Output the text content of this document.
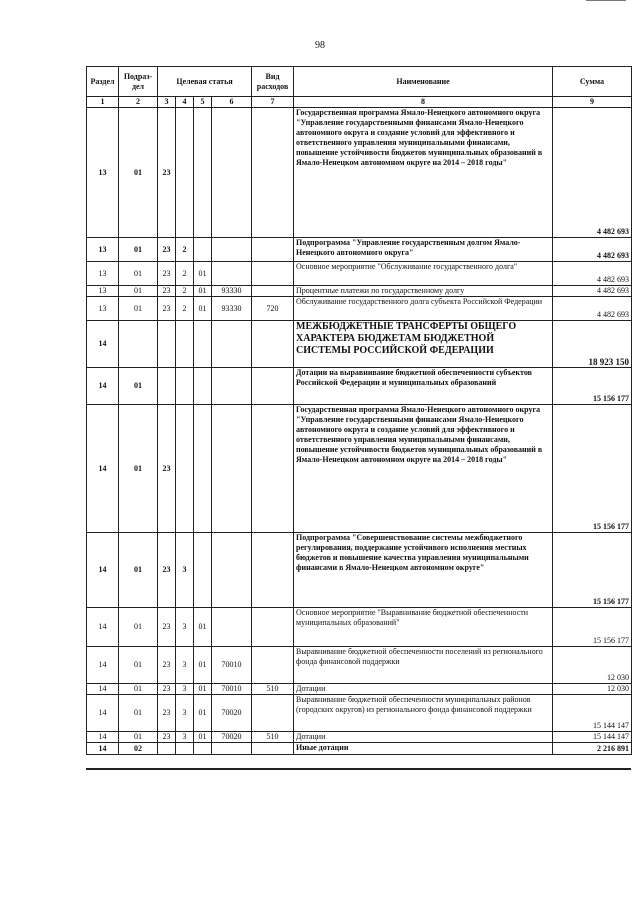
98
Раздел	Подраз-дел	Целевая статья				Вид расходов	Наименование	Сумма
1	2	3	4	5	6	7	8	9
13	01	23					Государственная программа Ямало-Ненецкого автономного округа "Управление государственными финансами Ямало-Ненецкого автономного округа и создание условий для эффективного и ответственного управления муниципальными финансами, повышение устойчивости бюджетов муниципальных образований в Ямало-Ненецком автономном округе на 2014 – 2018 годы"	4 482 693
13	01	23	2				Подпрограмма "Управление государственным долгом Ямало-Ненецкого автономного округа"	4 482 693
13	01	23	2	01			Основное мероприятие "Обслуживание государственного долга"	4 482 693
13	01	23	2	01	93330		Процентные платежи по государственному долгу	4 482 693
13	01	23	2	01	93330	720	Обслуживание государственного долга субъекта Российской Федерации	4 482 693
14							МЕЖБЮДЖЕТНЫЕ ТРАНСФЕРТЫ ОБЩЕГО ХАРАКТЕРА БЮДЖЕТАМ БЮДЖЕТНОЙ СИСТЕМЫ РОССИЙСКОЙ ФЕДЕРАЦИИ	18 923 150
14	01						Дотации на выравнивание бюджетной обеспеченности субъектов Российской Федерации и муниципальных образований	15 156 177
14	01	23					Государственная программа Ямало-Ненецкого автономного округа "Управление государственными финансами Ямало-Ненецкого автономного округа и создание условий для эффективного и ответственного управления муниципальными финансами, повышение устойчивости бюджетов муниципальных образований в Ямало-Ненецком автономном округе на 2014 – 2018 годы"	15 156 177
14	01	23	3				Подпрограмма "Совершенствование системы межбюджетного регулирования, поддержание устойчивого исполнения местных бюджетов и повышение качества управления муниципальными финансами в Ямало-Ненецком автономном округе"	15 156 177
14	01	23	3	01			Основное мероприятие "Выравнивание бюджетной обеспеченности муниципальных образований"	15 156 177
14	01	23	3	01	70010		Выравнивание бюджетной обеспеченности поселений из регионального фонда финансовой поддержки	12 030
14	01	23	3	01	70010	510	Дотации	12 030
14	01	23	3	01	70020		Выравнивание бюджетной обеспеченности муниципальных районов (городских округов) из регионального фонда финансовой поддержки	15 144 147
14	01	23	3	01	70020	510	Дотации	15 144 147
14	02						Иные дотации	2 216 891
